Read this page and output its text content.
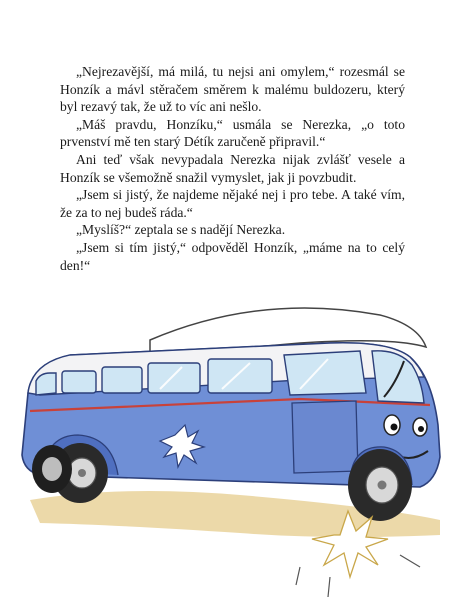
„Nejrezavější, má milá, tu nejsi ani omylem,“ rozesmál se Honzík a mávl stěračem směrem k malému buldozeru, který byl rezavý tak, že už to víc ani nešlo.

„Máš pravdu, Honzíku,“ usmála se Nerezka, „o toto prvenství mě ten starý Détík zaručeně připravil.“

Ani teď však nevypadala Nerezka nijak zvlášť vesele a Honzík se všemožně snažil vymyslet, jak ji povzbudit.

„Jsem si jistý, že najdeme nějaké nej i pro tebe. A také vím, že za to nej budeš ráda.“

„Myslíš?“ zeptala se s nadějí Nerezka.

„Jsem si tím jistý,“ odpověděl Honzík, „máme na to celý den!“
